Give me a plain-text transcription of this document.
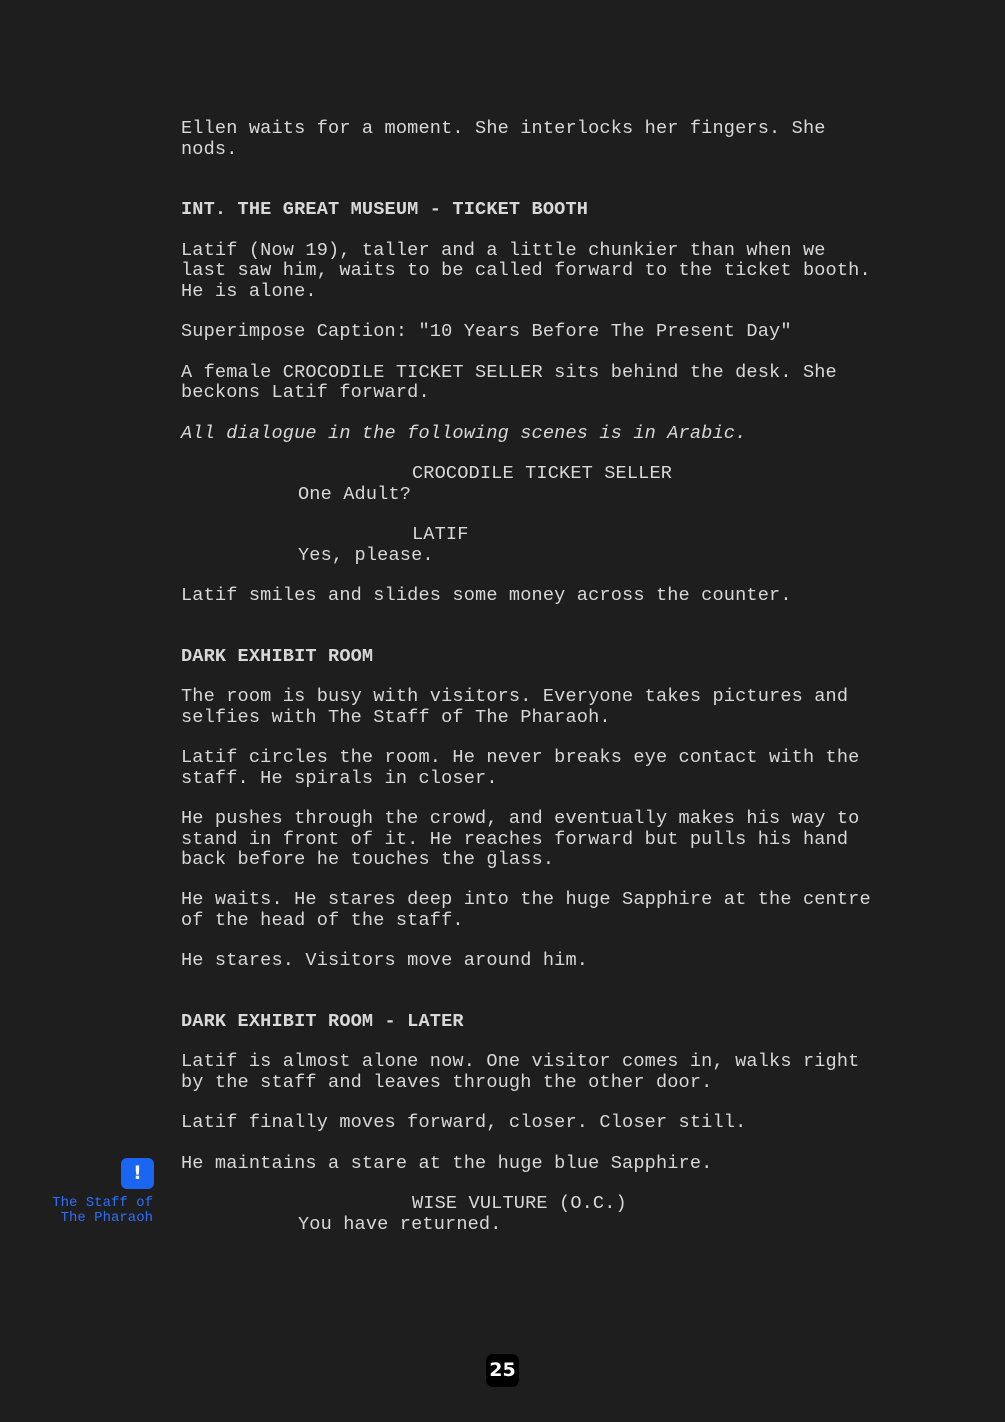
Ellen waits for a moment. She interlocks her fingers. She
nods.
INT. THE GREAT MUSEUM - TICKET BOOTH
Latif (Now 19), taller and a little chunkier than when we
last saw him, waits to be called forward to the ticket booth.
He is alone.
Superimpose Caption: "10 Years Before The Present Day"
A female CROCODILE TICKET SELLER sits behind the desk. She
beckons Latif forward.
All dialogue in the following scenes is in Arabic.
CROCODILE TICKET SELLER
One Adult?
LATIF
Yes, please.
Latif smiles and slides some money across the counter.
DARK EXHIBIT ROOM
The room is busy with visitors. Everyone takes pictures and
selfies with The Staff of The Pharaoh.
Latif circles the room. He never breaks eye contact with the
staff. He spirals in closer.
He pushes through the crowd, and eventually makes his way to
stand in front of it. He reaches forward but pulls his hand
back before he touches the glass.
He waits. He stares deep into the huge Sapphire at the centre
of the head of the staff.
He stares. Visitors move around him.
DARK EXHIBIT ROOM - LATER
Latif is almost alone now. One visitor comes in, walks right
by the staff and leaves through the other door.
Latif finally moves forward, closer. Closer still.
He maintains a stare at the huge blue Sapphire.
WISE VULTURE (O.C.)
You have returned.
!
The Staff of
The Pharaoh
25
